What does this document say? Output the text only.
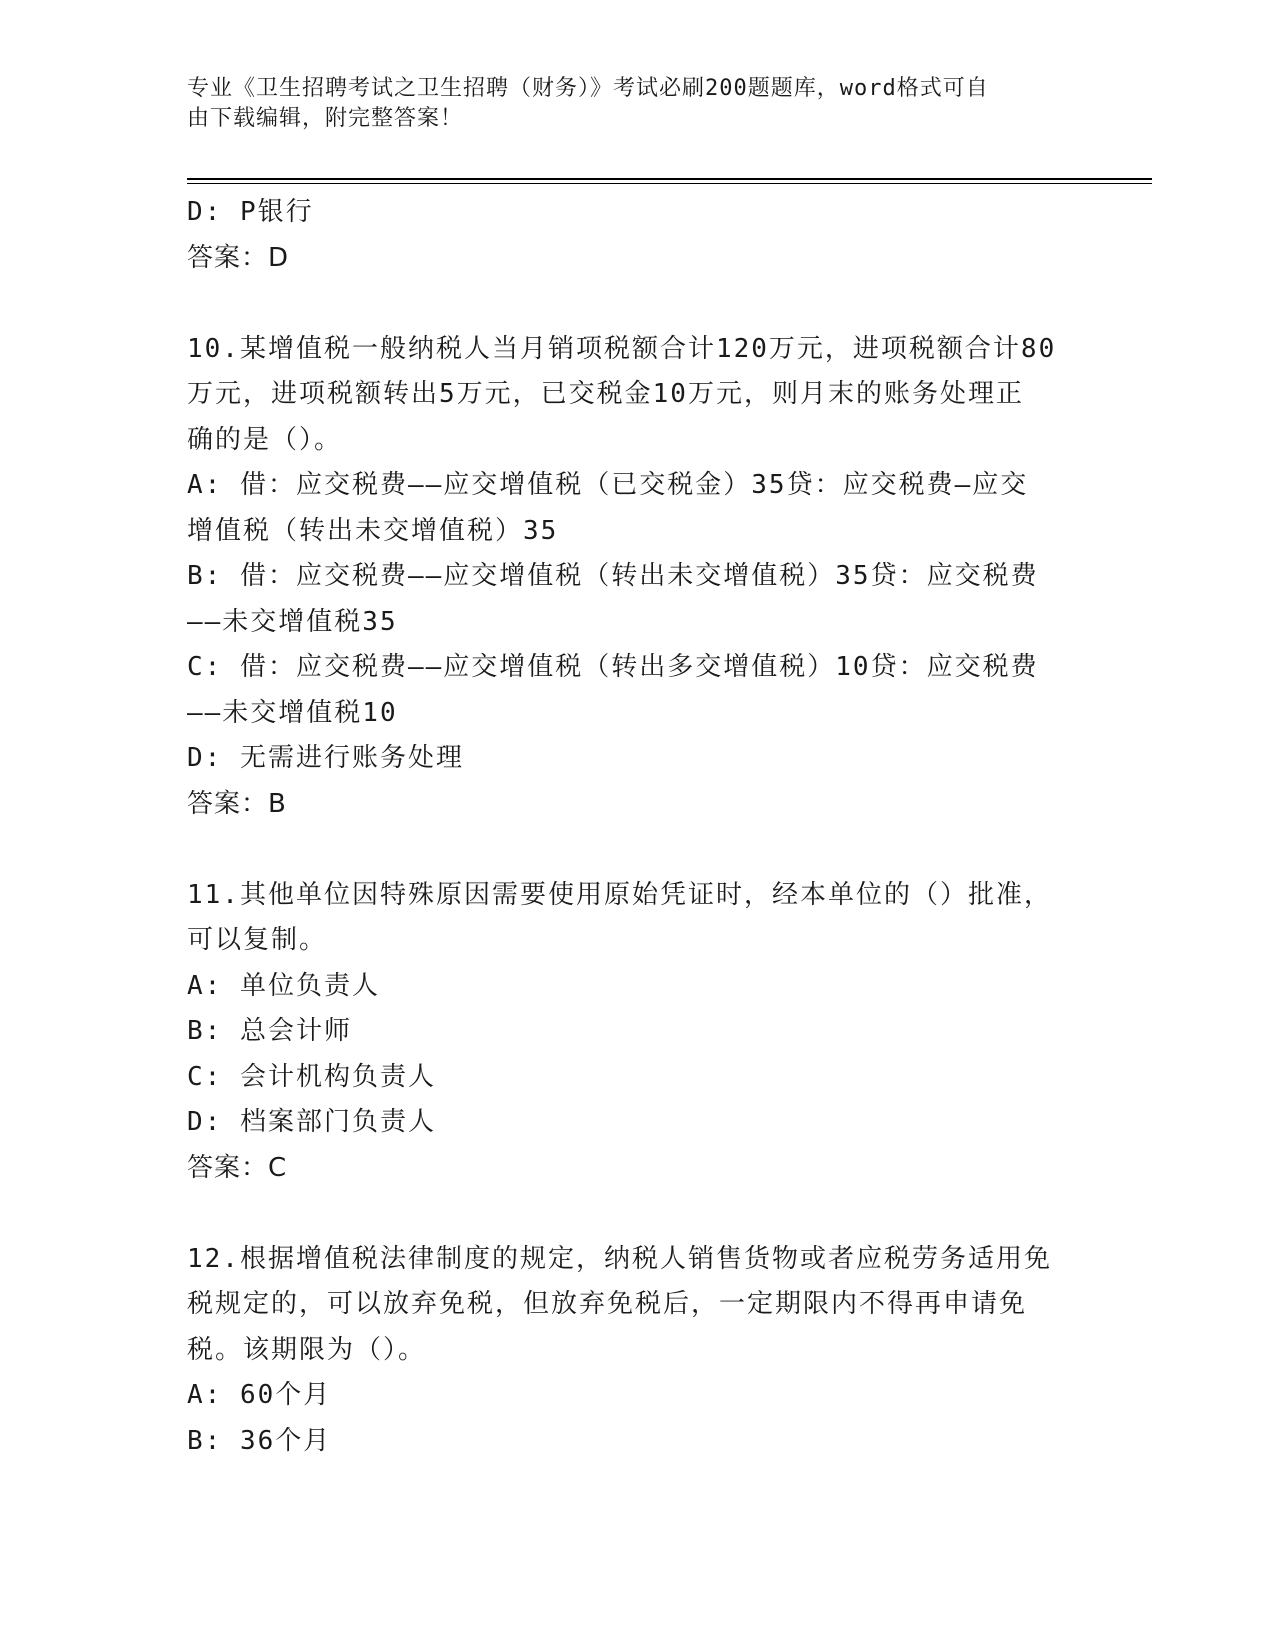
专业《卫生招聘考试之卫生招聘（财务）》考试必刷200题题库，word格式可自
由下载编辑，附完整答案！
D: P银行
答案：D
10.某增值税一般纳税人当月销项税额合计120万元，进项税额合计80
万元，进项税额转出5万元，已交税金10万元，则月末的账务处理正
确的是（）。
A: 借：应交税费——应交增值税（已交税金）35贷：应交税费—应交
增值税（转出未交增值税）35
B: 借：应交税费——应交增值税（转出未交增值税）35贷：应交税费
——未交增值税35
C: 借：应交税费——应交增值税（转出多交增值税）10贷：应交税费
——未交增值税10
D: 无需进行账务处理
答案：B
11.其他单位因特殊原因需要使用原始凭证时，经本单位的（）批准，
可以复制。
A: 单位负责人
B: 总会计师
C: 会计机构负责人
D: 档案部门负责人
答案：C
12.根据增值税法律制度的规定，纳税人销售货物或者应税劳务适用免
税规定的，可以放弃免税，但放弃免税后，一定期限内不得再申请免
税。该期限为（）。
A: 60个月
B: 36个月
